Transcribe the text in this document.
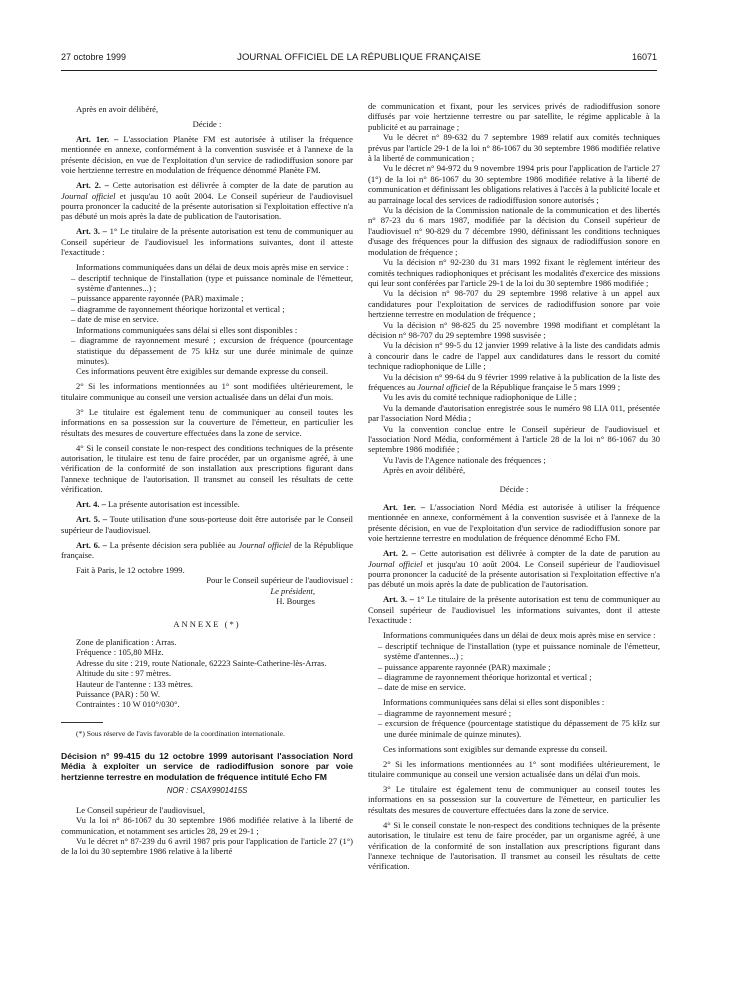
27 octobre 1999	JOURNAL OFFICIEL DE LA RÉPUBLIQUE FRANÇAISE	16071

Après en avoir délibéré,

Décide :

Art. 1er. – L'association Planète FM est autorisée à utiliser la fréquence mentionnée en annexe, conformément à la convention susvisée et à l'annexe de la présente décision, en vue de l'exploitation d'un service de radiodiffusion sonore par voie hertzienne terrestre en modulation de fréquence dénommé Planète FM.

Art. 2. – Cette autorisation est délivrée à compter de la date de parution au Journal officiel et jusqu'au 10 août 2004. Le Conseil supérieur de l'audiovisuel pourra prononcer la caducité de la présente autorisation si l'exploitation effective n'a pas débuté un mois après la date de publication de l'autorisation.

Art. 3. – 1° Le titulaire de la présente autorisation est tenu de communiquer au Conseil supérieur de l'audiovisuel les informations suivantes, dont il atteste l'exactitude :

Informations communiquées dans un délai de deux mois après mise en service :

– descriptif technique de l'installation (type et puissance nominale de l'émetteur, système d'antennes...) ;

– puissance apparente rayonnée (PAR) maximale ;

– diagramme de rayonnement théorique horizontal et vertical ;

– date de mise en service.

Informations communiquées sans délai si elles sont disponibles :

– diagramme de rayonnement mesuré ; excursion de fréquence (pourcentage statistique du dépassement de 75 kHz sur une durée minimale de quinze minutes).

Ces informations peuvent être exigibles sur demande expresse du conseil.

2° Si les informations mentionnées au 1° sont modifiées ultérieurement, le titulaire communique au conseil une version actualisée dans un délai d'un mois.

3° Le titulaire est également tenu de communiquer au conseil toutes les informations en sa possession sur la couverture de l'émetteur, en particulier les résultats des mesures de couverture effectuées dans la zone de service.

4° Si le conseil constate le non-respect des conditions techniques de la présente autorisation, le titulaire est tenu de faire procéder, par un organisme agréé, à une vérification de la conformité de son installation aux prescriptions figurant dans l'annexe technique de l'autorisation. Il transmet au conseil les résultats de cette vérification.

Art. 4. – La présente autorisation est incessible.

Art. 5. – Toute utilisation d'une sous-porteuse doit être autorisée par le Conseil supérieur de l'audiovisuel.

Art. 6. – La présente décision sera publiée au Journal officiel de la République française.

Fait à Paris, le 12 octobre 1999.

Pour le Conseil supérieur de l'audiovisuel :

Le président,

H. Bourges

ANNEXE (*)

Zone de planification : Arras.

Fréquence : 105,80 MHz.

Adresse du site : 219, route Nationale, 62223 Sainte-Catherine-lès-Arras.

Altitude du site : 97 mètres.

Hauteur de l'antenne : 133 mètres.

Puissance (PAR) : 50 W.

Contraintes : 10 W 010°/030°.

(*) Sous réserve de l'avis favorable de la coordination internationale.

Décision n° 99-415 du 12 octobre 1999 autorisant l'association Nord Média à exploiter un service de radiodiffusion sonore par voie hertzienne terrestre en modulation de fréquence intitulé Echo FM

NOR : CSAX9901415S

Le Conseil supérieur de l'audiovisuel,

Vu la loi n° 86-1067 du 30 septembre 1986 modifiée relative à la liberté de communication, et notamment ses articles 28, 29 et 29-1 ;

Vu le décret n° 87-239 du 6 avril 1987 pris pour l'application de l'article 27 (1°) de la loi du 30 septembre 1986 relative à la liberté

de communication et fixant, pour les services privés de radiodiffusion sonore diffusés par voie hertzienne terrestre ou par satellite, le régime applicable à la publicité et au parrainage ;

Vu le décret n° 89-632 du 7 septembre 1989 relatif aux comités techniques prévus par l'article 29-1 de la loi n° 86-1067 du 30 septembre 1986 modifiée relative à la liberté de communication ;

Vu le décret n° 94-972 du 9 novembre 1994 pris pour l'application de l'article 27 (1°) de la loi n° 86-1067 du 30 septembre 1986 modifiée relative à la liberté de communication et définissant les obligations relatives à l'accès à la publicité locale et au parrainage local des services de radiodiffusion sonore autorisés ;

Vu la décision de la Commission nationale de la communication et des libertés n° 87-23 du 6 mars 1987, modifiée par la décision du Conseil supérieur de l'audiovisuel n° 90-829 du 7 décembre 1990, définissant les conditions techniques d'usage des fréquences pour la diffusion des signaux de radiodiffusion sonore en modulation de fréquence ;

Vu la décision n° 92-230 du 31 mars 1992 fixant le règlement intérieur des comités techniques radiophoniques et précisant les modalités d'exercice des missions qui leur sont conférées par l'article 29-1 de la loi du 30 septembre 1986 modifiée ;

Vu la décision n° 98-707 du 29 septembre 1998 relative à un appel aux candidatures pour l'exploitation de services de radiodiffusion sonore par voie hertzienne terrestre en modulation de fréquence ;

Vu la décision n° 98-825 du 25 novembre 1998 modifiant et complétant la décision n° 98-707 du 29 septembre 1998 susvisée ;

Vu la décision n° 99-5 du 12 janvier 1999 relative à la liste des candidats admis à concourir dans le cadre de l'appel aux candidatures dans le ressort du comité technique radiophonique de Lille ;

Vu la décision n° 99-64 du 9 février 1999 relative à la publication de la liste des fréquences au Journal officiel de la République française le 5 mars 1999 ;

Vu les avis du comité technique radiophonique de Lille ;

Vu la demande d'autorisation enregistrée sous le numéro 98 LIA 011, présentée par l'association Nord Média ;

Vu la convention conclue entre le Conseil supérieur de l'audiovisuel et l'association Nord Média, conformément à l'article 28 de la loi n° 86-1067 du 30 septembre 1986 modifiée ;

Vu l'avis de l'Agence nationale des fréquences ;

Après en avoir délibéré,

Décide :

Art. 1er. – L'association Nord Média est autorisée à utiliser la fréquence mentionnée en annexe, conformément à la convention susvisée et à l'annexe de la présente décision, en vue de l'exploitation d'un service de radiodiffusion sonore par voie hertzienne terrestre en modulation de fréquence dénommé Echo FM.

Art. 2. – Cette autorisation est délivrée à compter de la date de parution au Journal officiel et jusqu'au 10 août 2004. Le Conseil supérieur de l'audiovisuel pourra prononcer la caducité de la présente autorisation si l'exploitation effective n'a pas débuté un mois après la date de publication de l'autorisation.

Art. 3. – 1° Le titulaire de la présente autorisation est tenu de communiquer au Conseil supérieur de l'audiovisuel les informations suivantes, dont il atteste l'exactitude :

Informations communiquées dans un délai de deux mois après mise en service :

– descriptif technique de l'installation (type et puissance nominale de l'émetteur, système d'antennes...) ;

– puissance apparente rayonnée (PAR) maximale ;

– diagramme de rayonnement théorique horizontal et vertical ;

– date de mise en service.

Informations communiquées sans délai si elles sont disponibles :

– diagramme de rayonnement mesuré ;

– excursion de fréquence (pourcentage statistique du dépassement de 75 kHz sur une durée minimale de quinze minutes).

Ces informations sont exigibles sur demande expresse du conseil.

2° Si les informations mentionnées au 1° sont modifiées ultérieurement, le titulaire communique au conseil une version actualisée dans un délai d'un mois.

3° Le titulaire est également tenu de communiquer au conseil toutes les informations en sa possession sur la couverture de l'émetteur, en particulier les résultats des mesures de couverture effectuées dans la zone de service.

4° Si le conseil constate le non-respect des conditions techniques de la présente autorisation, le titulaire est tenu de faire procéder, par un organisme agréé, à une vérification de la conformité de son installation aux prescriptions figurant dans l'annexe technique de l'autorisation. Il transmet au conseil les résultats de cette vérification.
